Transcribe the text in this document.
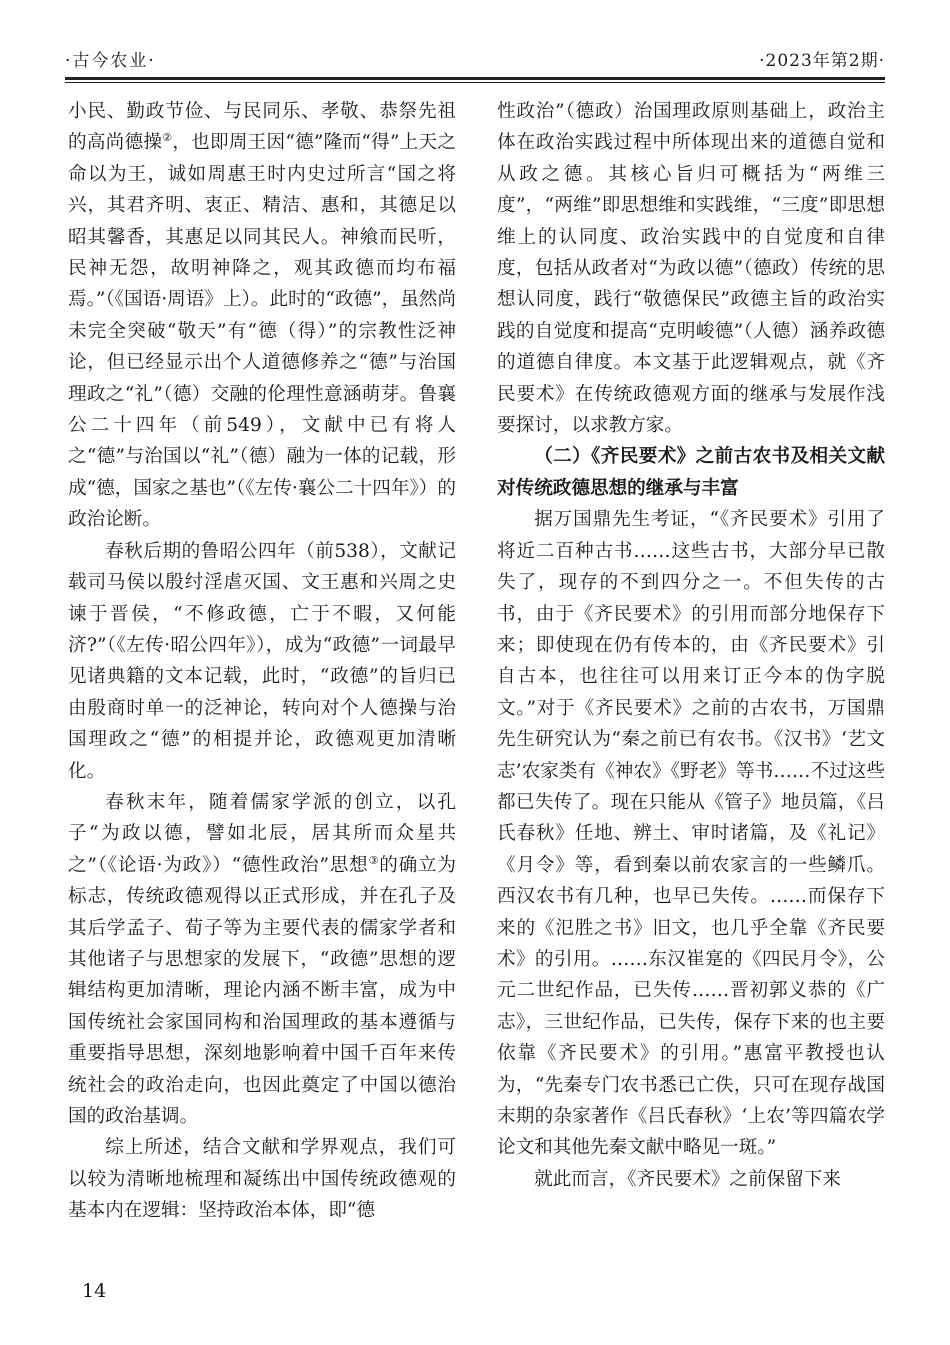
·古今农业·	·2023年第2期·

小民、勤政节俭、与民同乐、孝敬、恭祭先祖的高尚德操②，也即周王因“德”隆而“得”上天之命以为王，诚如周惠王时内史过所言“国之将兴，其君齐明、衷正、精洁、惠和，其德足以昭其馨香，其惠足以同其民人。神飨而民听，民神无怨，故明神降之，观其政德而均布福焉。”（《国语·周语》上）。此时的“政德”，虽然尚未完全突破“敬天”有“德（得）”的宗教性泛神论，但已经显示出个人道德修养之“德”与治国理政之“礼”（德）交融的伦理性意涵萌芽。鲁襄公二十四年（前549），文献中已有将人之“德”与治国以“礼”（德）融为一体的记载，形成“德，国家之基也”（《左传·襄公二十四年》）的政治论断。

春秋后期的鲁昭公四年（前538），文献记载司马侯以殷纣淫虐灭国、文王惠和兴周之史谏于晋侯，“不修政德，亡于不暇，又何能济?”（《左传·昭公四年》），成为“政德”一词最早见诸典籍的文本记载，此时，“政德”的旨归已由殷商时单一的泛神论，转向对个人德操与治国理政之“德”的相提并论，政德观更加清晰化。

春秋末年，随着儒家学派的创立，以孔子“为政以德，譬如北辰，居其所而众星共之”（《论语·为政》）“德性政治”思想③的确立为标志，传统政德观得以正式形成，并在孔子及其后学孟子、荀子等为主要代表的儒家学者和其他诸子与思想家的发展下，“政德”思想的逻辑结构更加清晰，理论内涵不断丰富，成为中国传统社会家国同构和治国理政的基本遵循与重要指导思想，深刻地影响着中国千百年来传统社会的政治走向，也因此奠定了中国以德治国的政治基调。

综上所述，结合文献和学界观点，我们可以较为清晰地梳理和凝练出中国传统政德观的基本内在逻辑：坚持政治本体，即“德

性政治”（德政）治国理政原则基础上，政治主体在政治实践过程中所体现出来的道德自觉和从政之德。其核心旨归可概括为“两维三度”，“两维”即思想维和实践维，“三度”即思想维上的认同度、政治实践中的自觉度和自律度，包括从政者对“为政以德”（德政）传统的思想认同度，践行“敬德保民”政德主旨的政治实践的自觉度和提高“克明峻德”（人德）涵养政德的道德自律度。本文基于此逻辑观点，就《齐民要术》在传统政德观方面的继承与发展作浅要探讨，以求教方家。

（二）《齐民要术》之前古农书及相关文献对传统政德思想的继承与丰富

据万国鼎先生考证，“《齐民要术》引用了将近二百种古书……这些古书，大部分早已散失了，现存的不到四分之一。不但失传的古书，由于《齐民要术》的引用而部分地保存下来；即使现在仍有传本的，由《齐民要术》引自古本，也往往可以用来订正今本的伪字脱文。”对于《齐民要术》之前的古农书，万国鼎先生研究认为“秦之前已有农书。《汉书》‘艺文志’农家类有《神农》《野老》等书……不过这些都已失传了。现在只能从《管子》地员篇，《吕氏春秋》任地、辨土、审时诸篇，及《礼记》《月令》等，看到秦以前农家言的一些鳞爪。西汉农书有几种，也早已失传。……而保存下来的《氾胜之书》旧文，也几乎全靠《齐民要术》的引用。……东汉崔寔的《四民月令》，公元二世纪作品，已失传……晋初郭义恭的《广志》，三世纪作品，已失传，保存下来的也主要依靠《齐民要术》的引用。”惠富平教授也认为，“先秦专门农书悉已亡佚，只可在现存战国末期的杂家著作《吕氏春秋》‘上农’等四篇农学论文和其他先秦文献中略见一斑。”

就此而言，《齐民要术》之前保留下来

14
